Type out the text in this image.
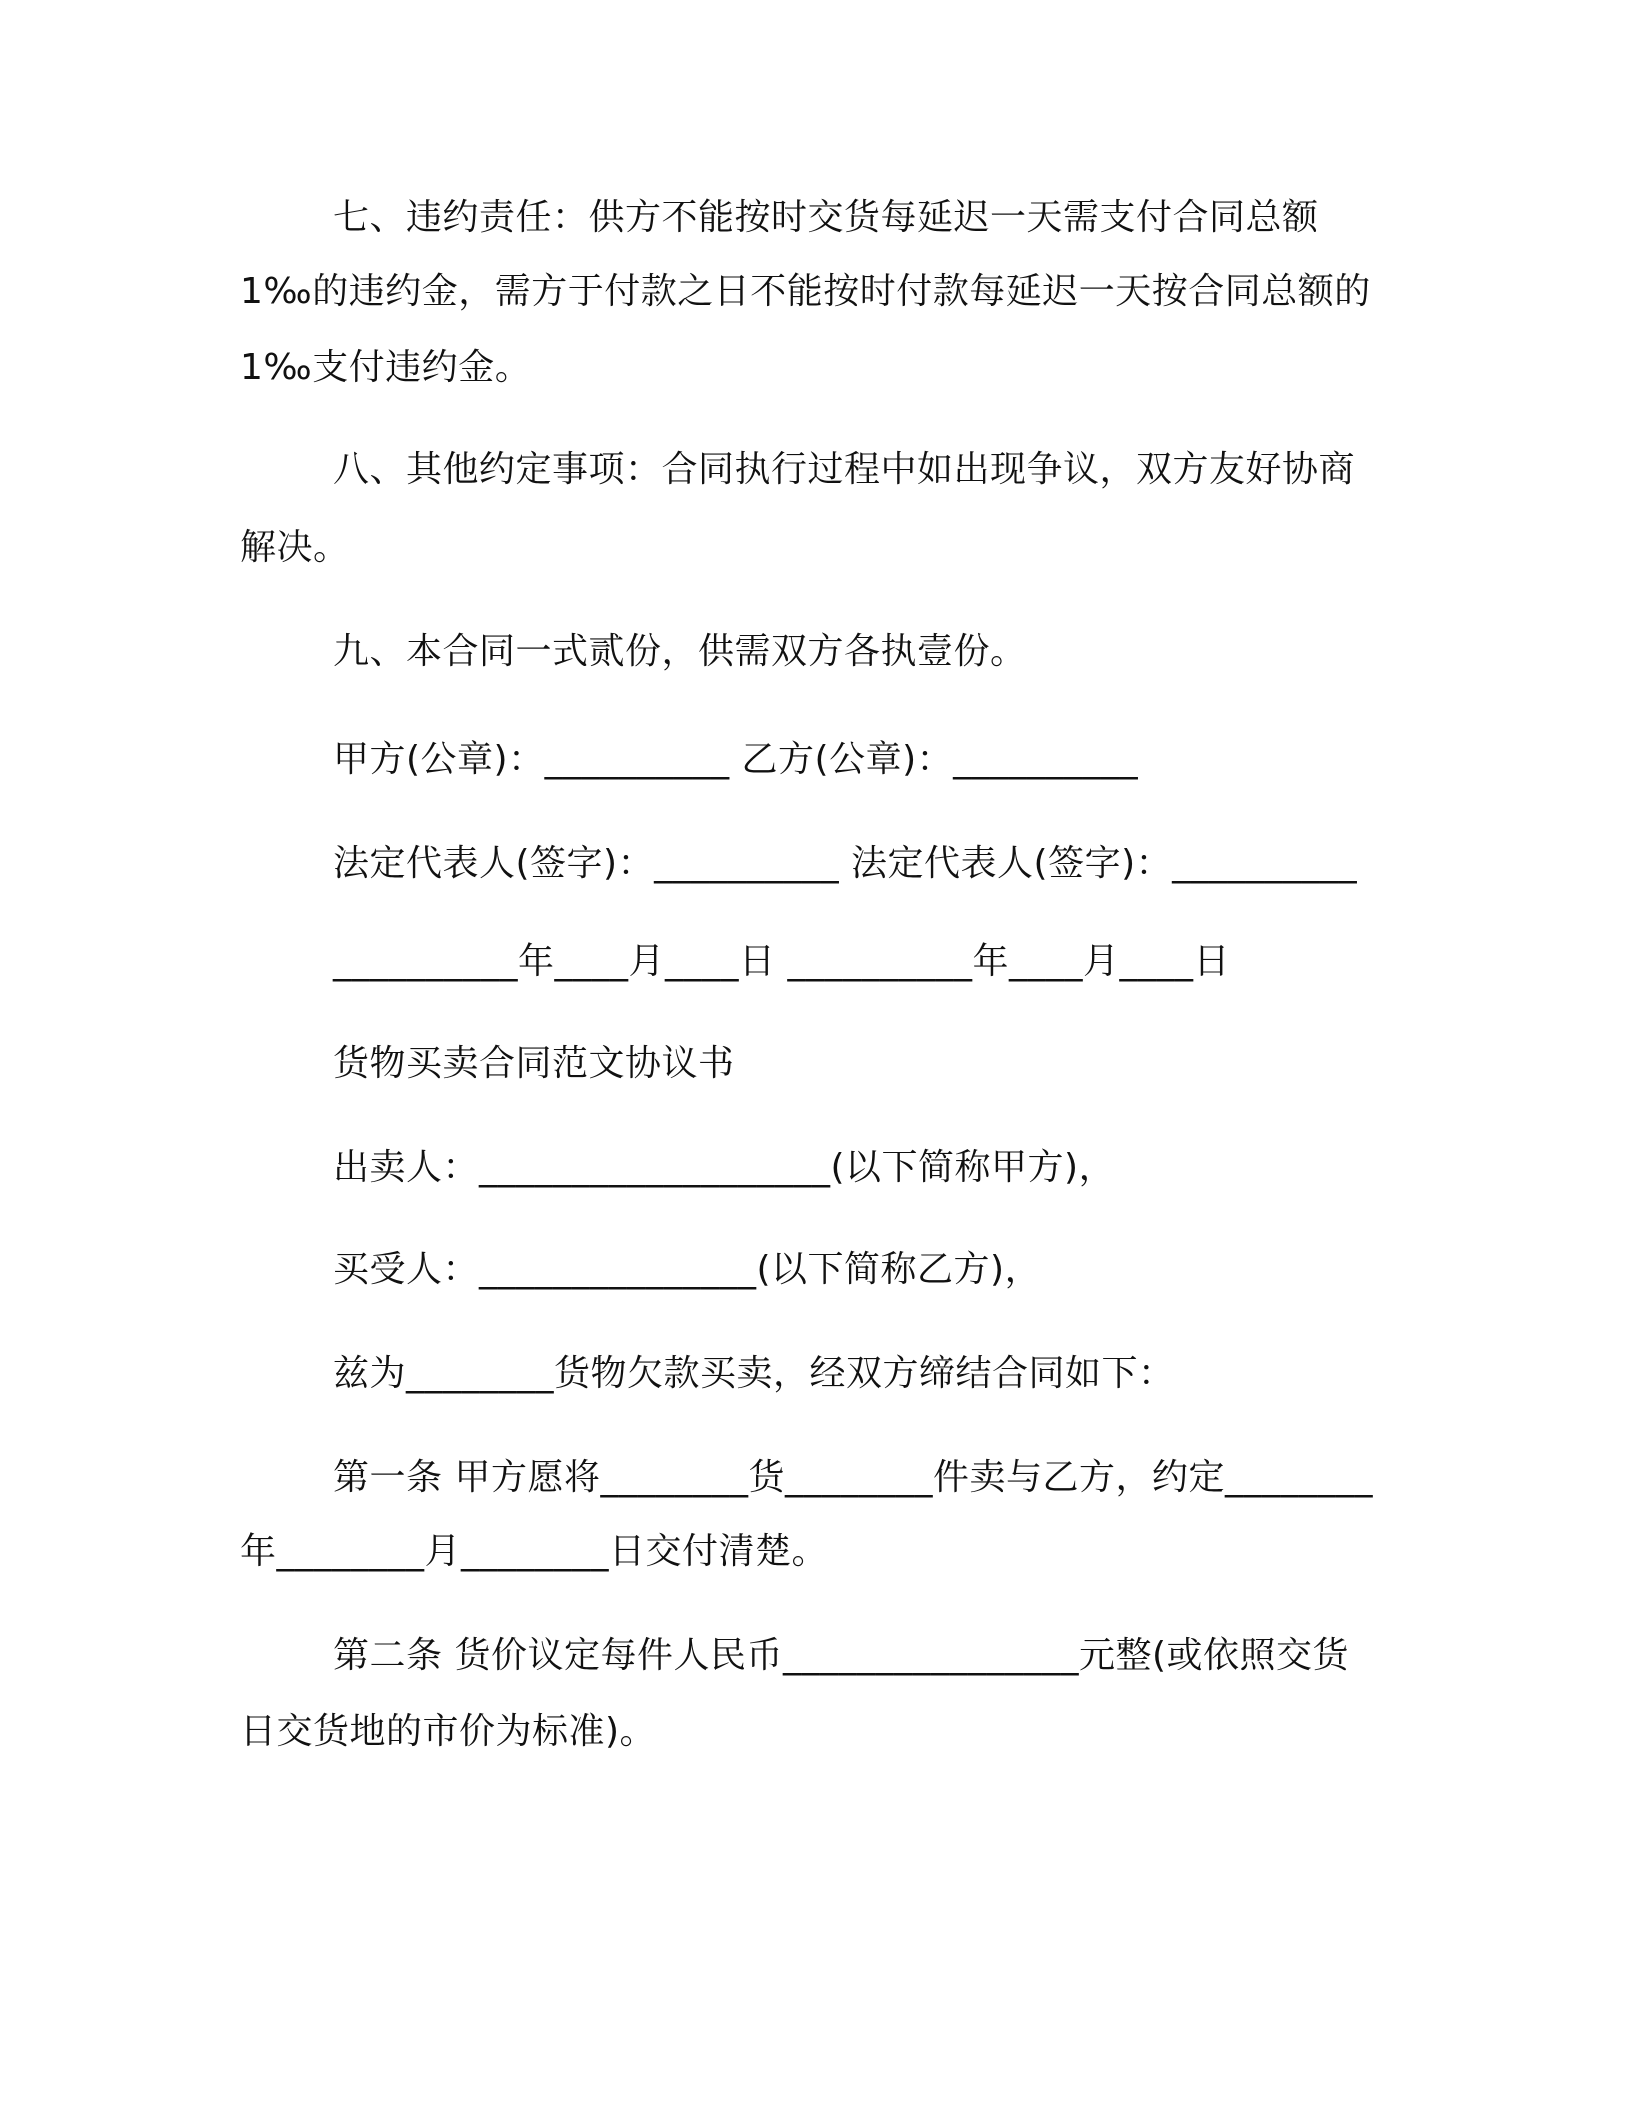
七、违约责任：供方不能按时交货每延迟一天需支付合同总额
1‰的违约金，需方于付款之日不能按时付款每延迟一天按合同总额的
1‰支付违约金。
八、其他约定事项：合同执行过程中如出现争议，双方友好协商
解决。
九、本合同一式贰份，供需双方各执壹份。
甲方(公章)：__________ 乙方(公章)：__________
法定代表人(签字)：__________ 法定代表人(签字)：__________
__________年____月____日 __________年____月____日
货物买卖合同范文协议书
出卖人：___________________(以下简称甲方)，
买受人：_______________(以下简称乙方)，
兹为________货物欠款买卖，经双方缔结合同如下：
第一条 甲方愿将________货________件卖与乙方，约定________
年________月________日交付清楚。
第二条 货价议定每件人民币________________元整(或依照交货
日交货地的市价为标准)。
